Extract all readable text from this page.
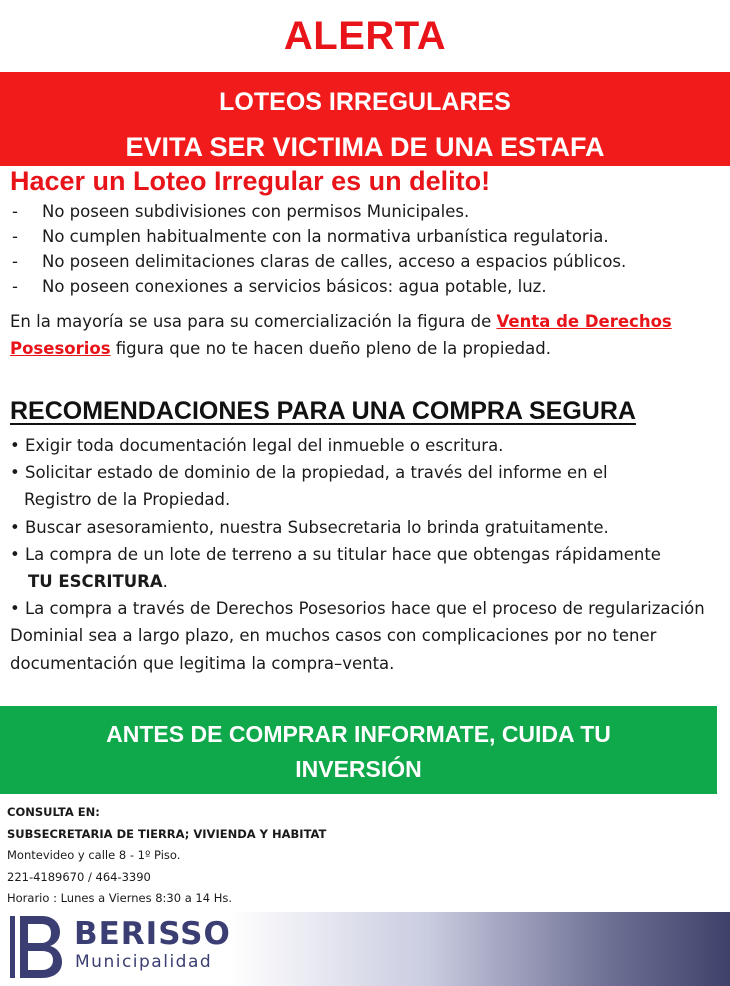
ALERTA
LOTEOS IRREGULARES
EVITA SER VICTIMA DE UNA ESTAFA
Hacer un Loteo Irregular es un delito!
- No poseen subdivisiones con permisos Municipales.
- No cumplen habitualmente con la normativa urbanística regulatoria.
- No poseen delimitaciones claras de calles, acceso a espacios públicos.
- No poseen conexiones a servicios básicos: agua potable, luz.
En la mayoría se usa para su comercialización la figura de Venta de Derechos Posesorios figura que no te hacen dueño pleno de la propiedad.
RECOMENDACIONES PARA UNA COMPRA SEGURA

• Exigir toda documentación legal del inmueble o escritura.

• Solicitar estado de dominio de la propiedad, a través del informe en el

Registro de la Propiedad.

• Buscar asesoramiento, nuestra Subsecretaria lo brinda gratuitamente.

• La compra de un lote de terreno a su titular hace que obtengas rápidamente

TU ESCRITURA.

• La compra a través de Derechos Posesorios hace que el proceso de regularización Dominial sea a largo plazo, en muchos casos con complicaciones por no tener documentación que legitima la compra–venta.

ANTES DE COMPRAR INFORMATE, CUIDA TU
INVERSIÓN
CONSULTA EN:
SUBSECRETARIA DE TIERRA; VIVIENDA Y HABITAT
Montevideo y calle 8 - 1º Piso.
221-4189670 / 464-3390
Horario : Lunes a Viernes 8:30 a 14 Hs.
BERISSO
Municipalidad
